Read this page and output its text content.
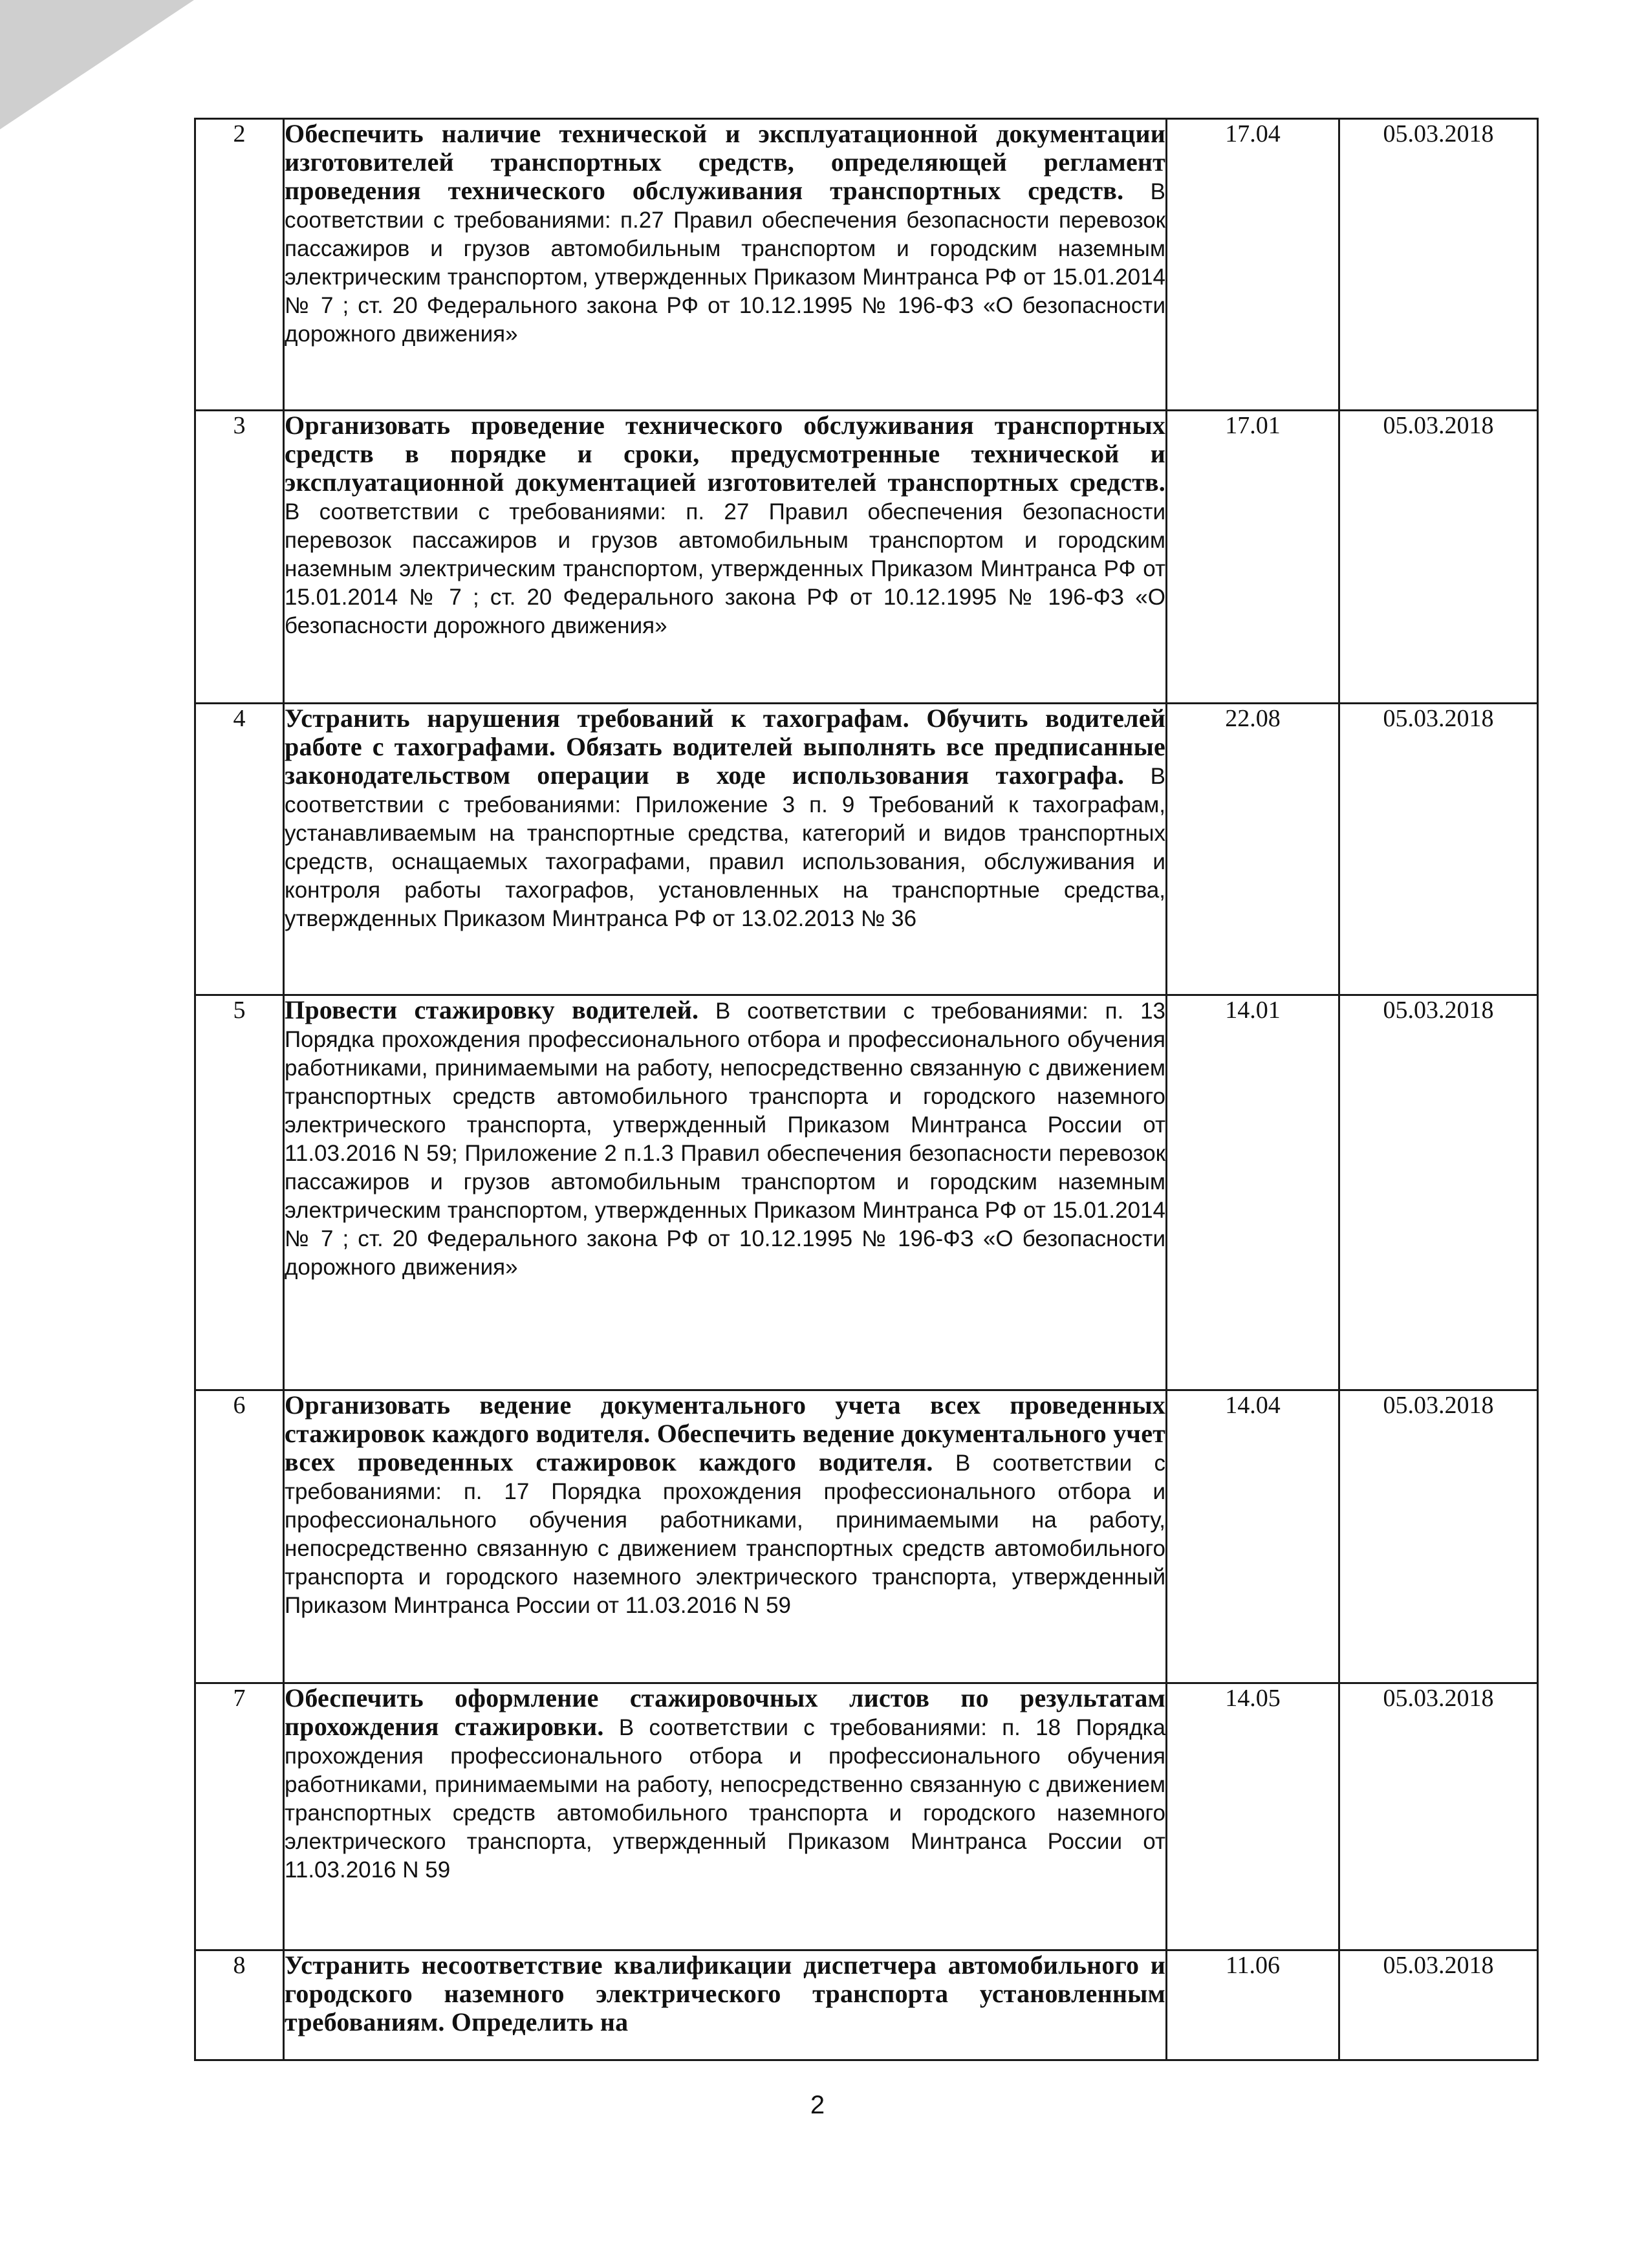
2	Обеспечить наличие технической и эксплуатационной документации изготовителей транспортных средств, определяющей регламент проведения технического обслуживания транспортных средств. В соответствии с требованиями: п.27 Правил обеспечения безопасности перевозок пассажиров и грузов автомобильным транспортом и городским наземным электрическим транспортом, утвержденных Приказом Минтранса РФ от 15.01.2014 № 7 ; ст. 20 Федерального закона РФ от 10.12.1995 № 196-ФЗ «О безопасности дорожного движения»	17.04	05.03.2018
3	Организовать проведение технического обслуживания транспортных средств в порядке и сроки, предусмотренные технической и эксплуатационной документацией изготовителей транспортных средств. В соответствии с требованиями: п. 27 Правил обеспечения безопасности перевозок пассажиров и грузов автомобильным транспортом и городским наземным электрическим транспортом, утвержденных Приказом Минтранса РФ от 15.01.2014 № 7 ; ст. 20 Федерального закона РФ от 10.12.1995 № 196-ФЗ «О безопасности дорожного движения»	17.01	05.03.2018
4	Устранить нарушения требований к тахографам. Обучить водителей работе с тахографами. Обязать водителей выполнять все предписанные законодательством операции в ходе использования тахографа. В соответствии с требованиями: Приложение 3 п. 9 Требований к тахографам, устанавливаемым на транспортные средства, категорий и видов транспортных средств, оснащаемых тахографами, правил использования, обслуживания и контроля работы тахографов, установленных на транспортные средства, утвержденных Приказом Минтранса РФ от 13.02.2013 № 36	22.08	05.03.2018
5	Провести стажировку водителей. В соответствии с требованиями: п. 13 Порядка прохождения профессионального отбора и профессионального обучения работниками, принимаемыми на работу, непосредственно связанную с движением транспортных средств автомобильного транспорта и городского наземного электрического транспорта, утвержденный Приказом Минтранса России от 11.03.2016 N 59; Приложение 2 п.1.3 Правил обеспечения безопасности перевозок пассажиров и грузов автомобильным транспортом и городским наземным электрическим транспортом, утвержденных Приказом Минтранса РФ от 15.01.2014 № 7 ; ст. 20 Федерального закона РФ от 10.12.1995 № 196-ФЗ «О безопасности дорожного движения»	14.01	05.03.2018
6	Организовать ведение документального учета всех проведенных стажировок каждого водителя. Обеспечить ведение документального учет всех проведенных стажировок каждого водителя. В соответствии с требованиями: п. 17 Порядка прохождения профессионального отбора и профессионального обучения работниками, принимаемыми на работу, непосредственно связанную с движением транспортных средств автомобильного транспорта и городского наземного электрического транспорта, утвержденный Приказом Минтранса России от 11.03.2016 N 59	14.04	05.03.2018
7	Обеспечить оформление стажировочных листов по результатам прохождения стажировки. В соответствии с требованиями: п. 18 Порядка прохождения профессионального отбора и профессионального обучения работниками, принимаемыми на работу, непосредственно связанную с движением транспортных средств автомобильного транспорта и городского наземного электрического транспорта, утвержденный Приказом Минтранса России от 11.03.2016 N 59	14.05	05.03.2018
8	Устранить несоответствие квалификации диспетчера автомобильного и городского наземного электрического транспорта установленным требованиям. Определить на	11.06	05.03.2018
2
